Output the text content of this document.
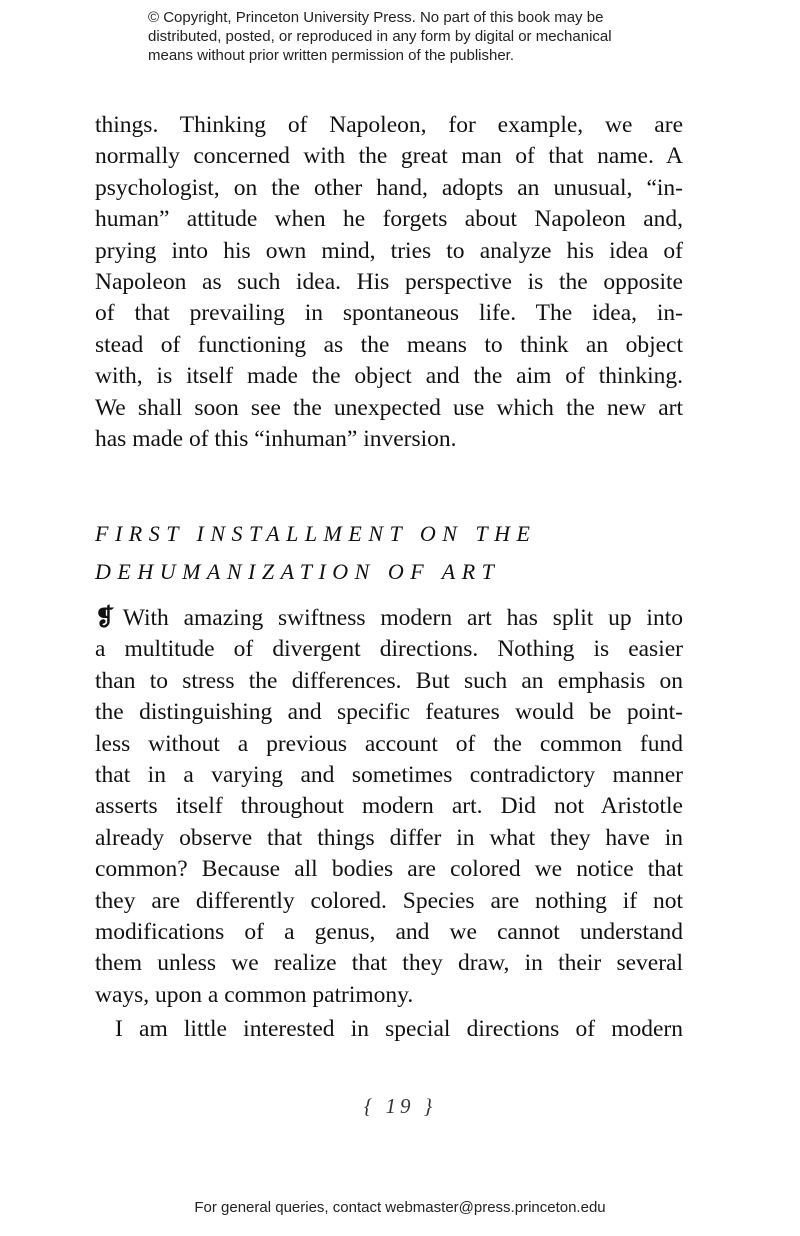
© Copyright, Princeton University Press. No part of this book may be
distributed, posted, or reproduced in any form by digital or mechanical
means without prior written permission of the publisher.
things. Thinking of Napoleon, for example, we are
normally concerned with the great man of that name. A
psychologist, on the other hand, adopts an unusual, “in-
human” attitude when he forgets about Napoleon and,
prying into his own mind, tries to analyze his idea of
Napoleon as such idea. His perspective is the opposite
of that prevailing in spontaneous life. The idea, in-
stead of functioning as the means to think an object
with, is itself made the object and the aim of thinking.
We shall soon see the unexpected use which the new art
has made of this “inhuman” inversion.
FIRST INSTALLMENT ON THE
DEHUMANIZATION OF ART
❡ With amazing swiftness modern art has split up into
a multitude of divergent directions. Nothing is easier
than to stress the differences. But such an emphasis on
the distinguishing and specific features would be point-
less without a previous account of the common fund
that in a varying and sometimes contradictory manner
asserts itself throughout modern art. Did not Aristotle
already observe that things differ in what they have in
common? Because all bodies are colored we notice that
they are differently colored. Species are nothing if not
modifications of a genus, and we cannot understand
them unless we realize that they draw, in their several
ways, upon a common patrimony.
I am little interested in special directions of modern
{ 19 }
For general queries, contact webmaster@press.princeton.edu
